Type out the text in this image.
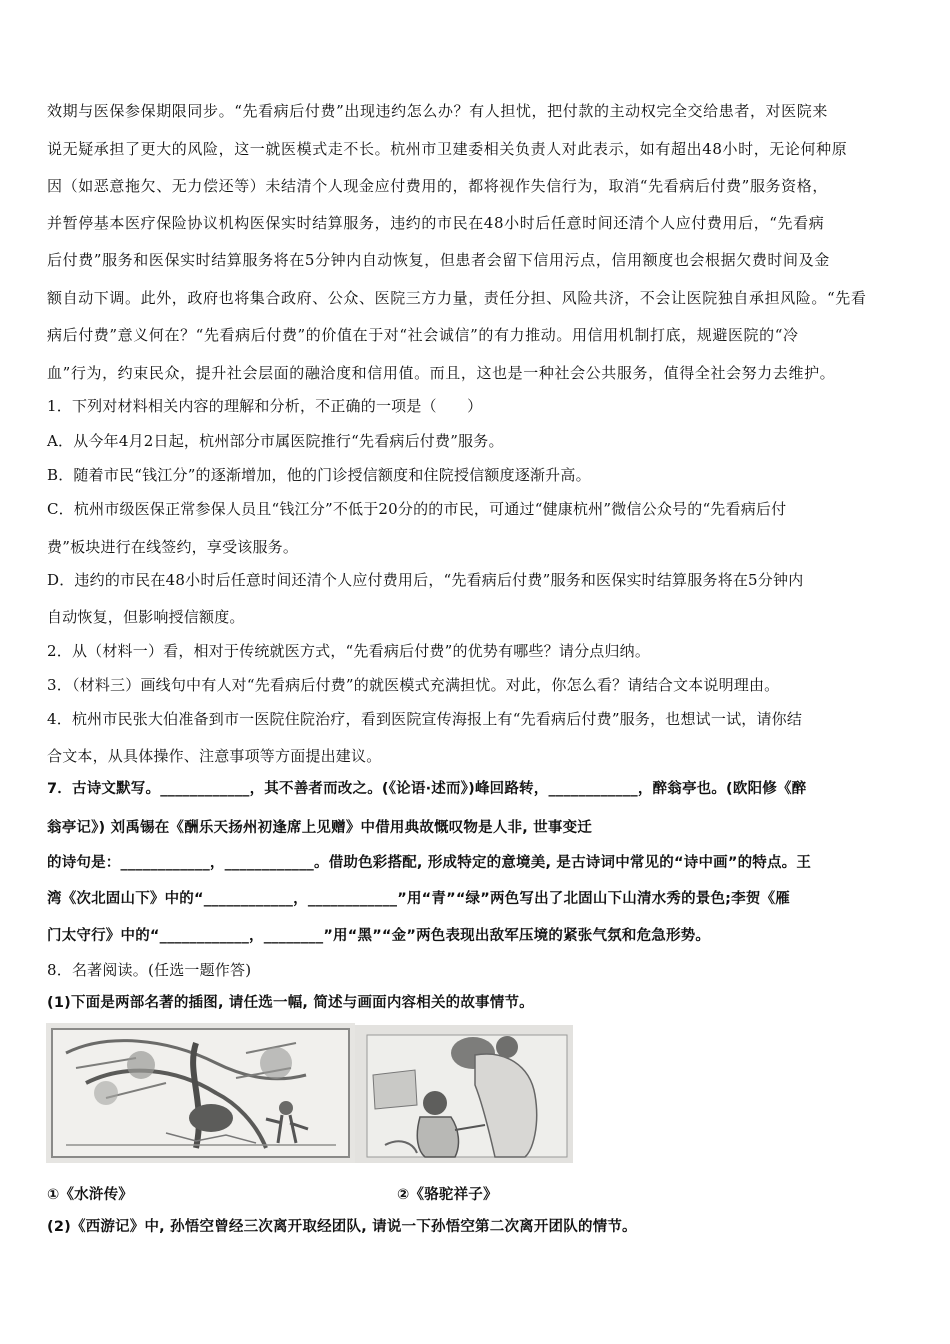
效期与医保参保期限同步。“先看病后付费”出现违约怎么办？有人担忧，把付款的主动权完全交给患者，对医院来
说无疑承担了更大的风险，这一就医模式走不长。杭州市卫建委相关负责人对此表示，如有超出48小时，无论何种原
因（如恶意拖欠、无力偿还等）未结清个人现金应付费用的，都将视作失信行为，取消“先看病后付费”服务资格，
并暂停基本医疗保险协议机构医保实时结算服务，违约的市民在48小时后任意时间还清个人应付费用后，“先看病
后付费”服务和医保实时结算服务将在5分钟内自动恢复，但患者会留下信用污点，信用额度也会根据欠费时间及金
额自动下调。此外，政府也将集合政府、公众、医院三方力量，责任分担、风险共济，不会让医院独自承担风险。“先看
病后付费”意义何在？“先看病后付费”的价值在于对“社会诚信”的有力推动。用信用机制打底，规避医院的“冷
血”行为，约束民众，提升社会层面的融洽度和信用值。而且，这也是一种社会公共服务，值得全社会努力去维护。
1．下列对材料相关内容的理解和分析，不正确的一项是（　　）
A．从今年4月2日起，杭州部分市属医院推行“先看病后付费”服务。
B．随着市民“钱江分”的逐渐增加，他的门诊授信额度和住院授信额度逐渐升高。
C．杭州市级医保正常参保人员且“钱江分”不低于20分的的市民，可通过“健康杭州”微信公众号的“先看病后付
费”板块进行在线签约，享受该服务。
D．违约的市民在48小时后任意时间还清个人应付费用后，“先看病后付费”服务和医保实时结算服务将在5分钟内
自动恢复，但影响授信额度。
2．从（材料一）看，相对于传统就医方式，“先看病后付费”的优势有哪些？请分点归纳。
3．（材料三）画线句中有人对“先看病后付费”的就医模式充满担忧。对此，你怎么看？请结合文本说明理由。
4．杭州市民张大伯准备到市一医院住院治疗，看到医院宣传海报上有“先看病后付费”服务，也想试一试，请你结
合文本，从具体操作、注意事项等方面提出建议。
7．古诗文默写。____________，其不善者而改之。(《论语·述而》)峰回路转，____________，醉翁亭也。(欧阳修《醉
翁亭记》) 刘禹锡在《酬乐天扬州初逢席上见赠》中借用典故慨叹物是人非, 世事变迁
的诗句是：____________，____________。借助色彩搭配, 形成特定的意境美, 是古诗词中常见的“诗中画”的特点。王
湾《次北固山下》中的“____________，____________”用“青”“绿”两色写出了北固山下山清水秀的景色;李贺《雁
门太守行》中的“____________，________”用“黑”“金”两色表现出敌军压境的紧张气氛和危急形势。
8．名著阅读。(任选一题作答)
(1)下面是两部名著的插图, 请任选一幅, 简述与画面内容相关的故事情节。
①《水浒传》	②《骆驼祥子》
(2)《西游记》中, 孙悟空曾经三次离开取经团队, 请说一下孙悟空第二次离开团队的情节。
